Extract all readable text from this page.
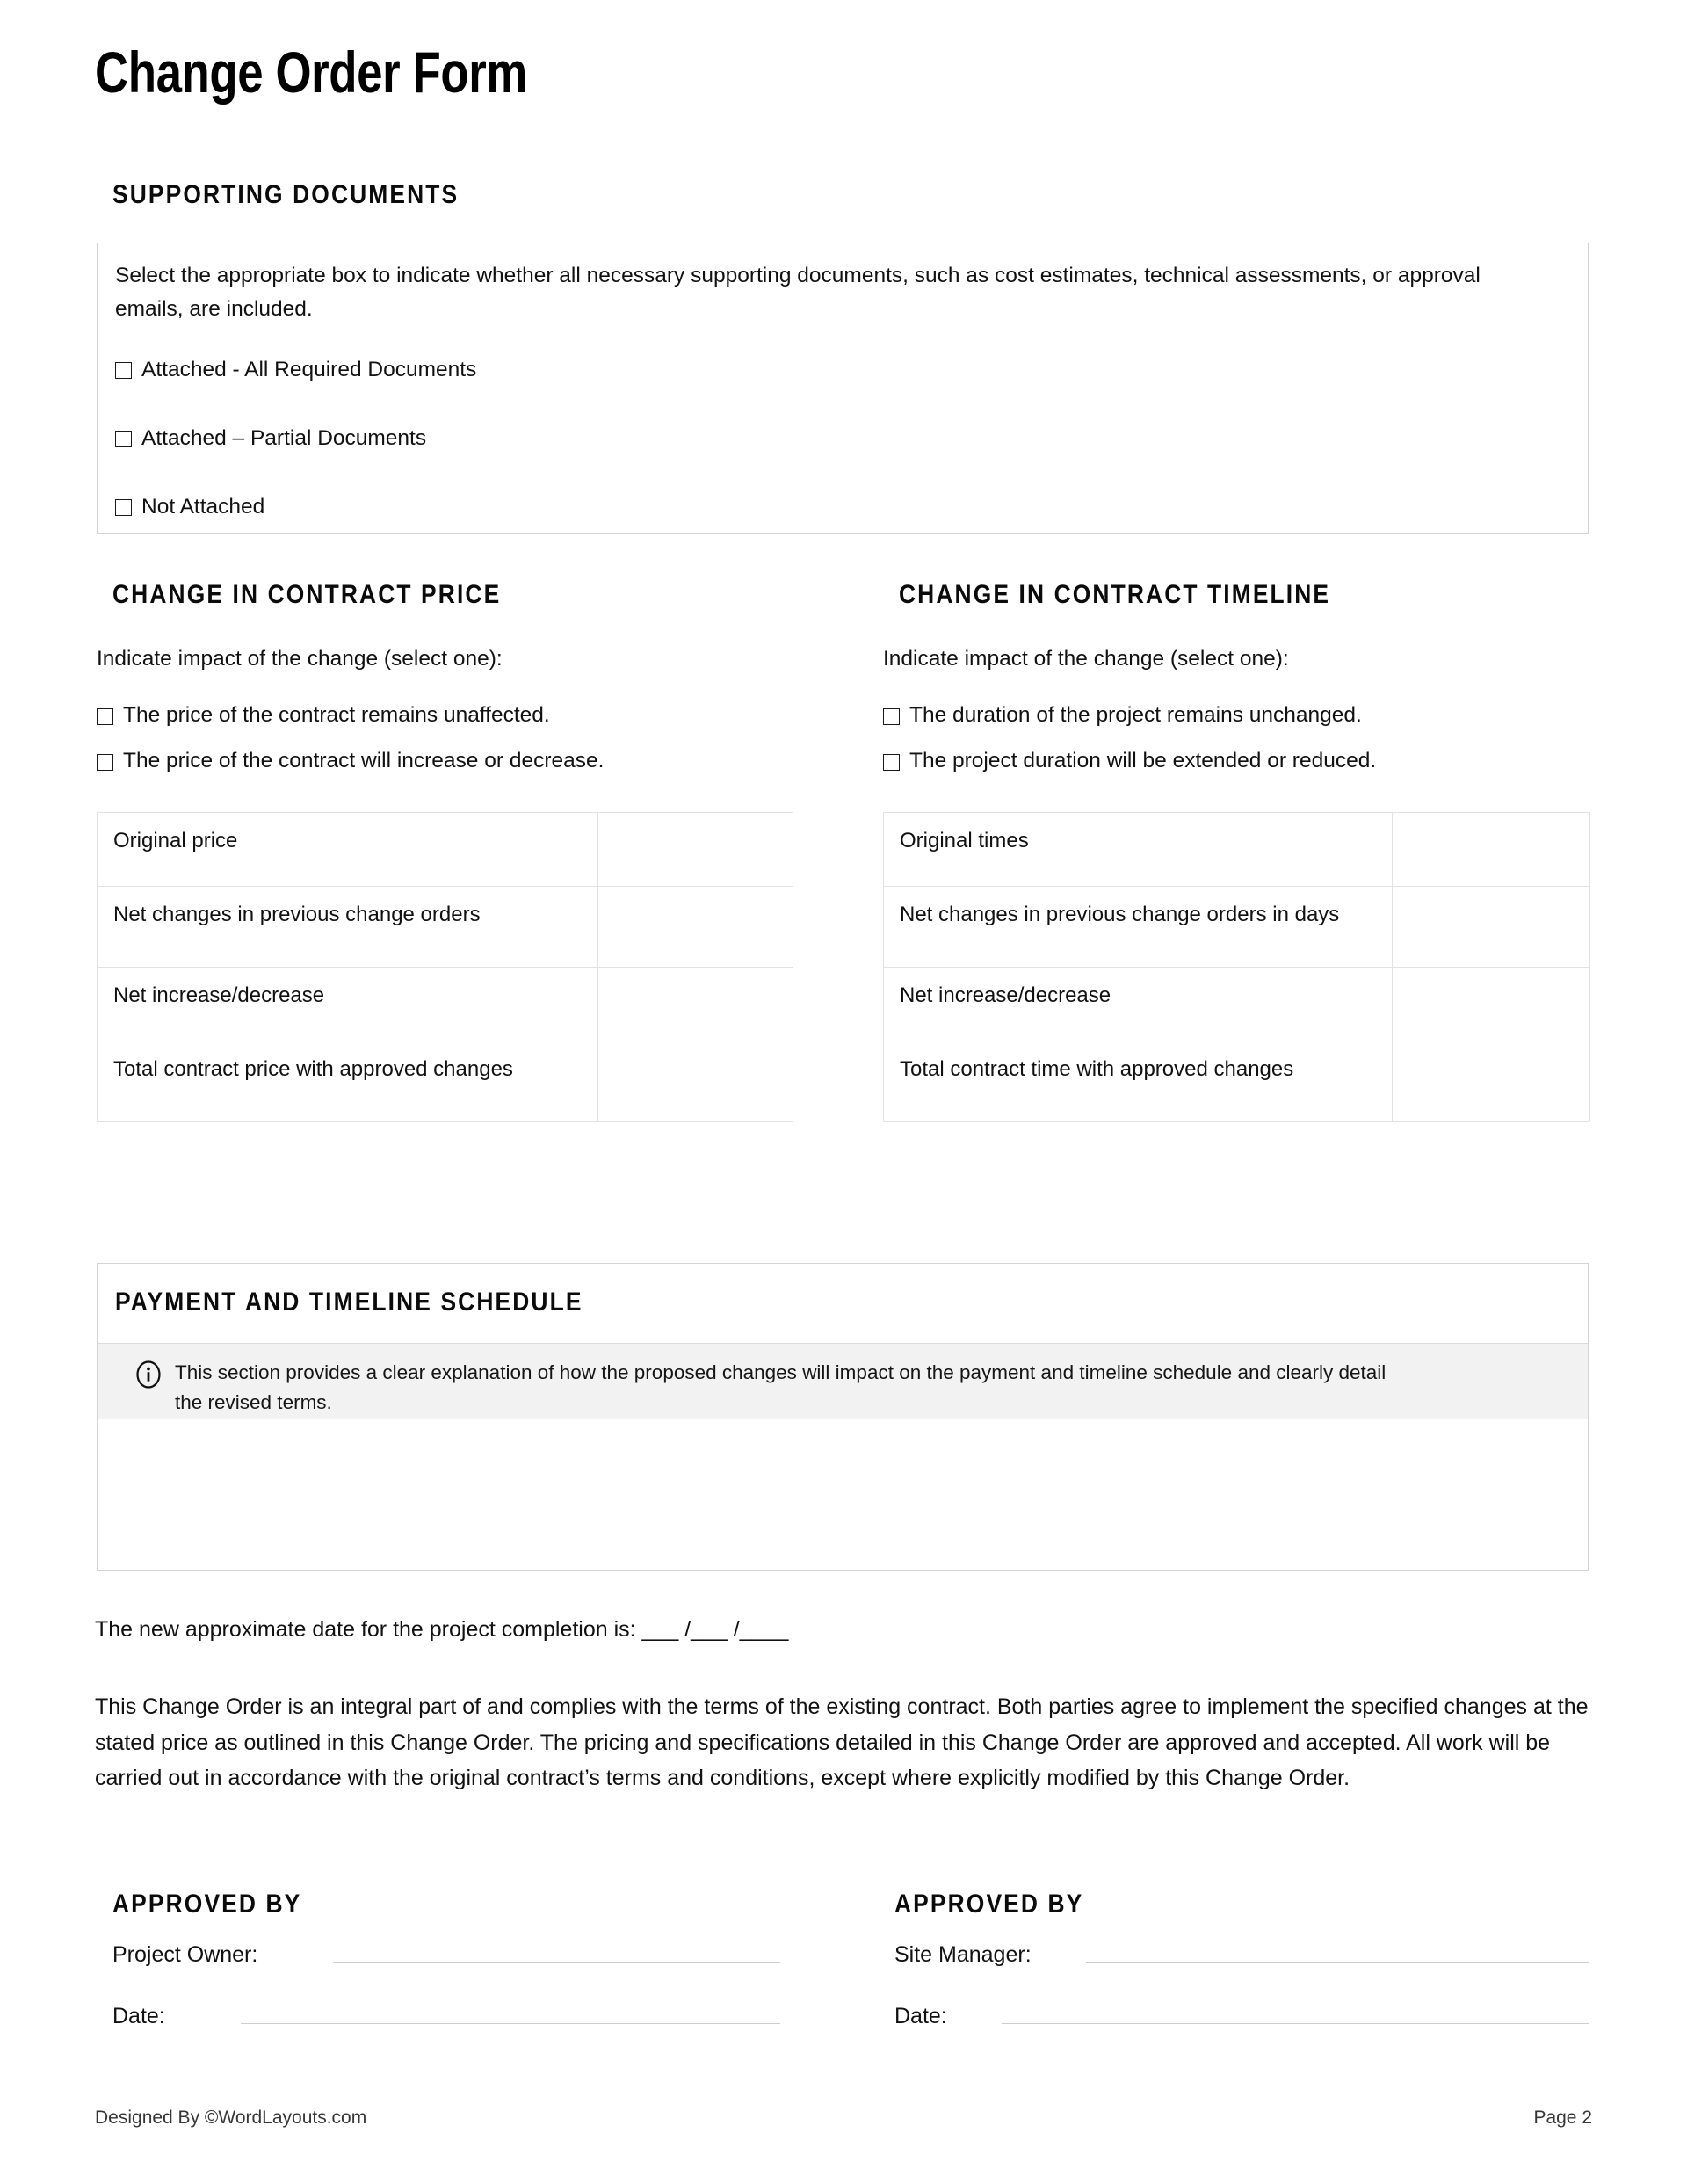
Change Order Form
SUPPORTING DOCUMENTS
Select the appropriate box to indicate whether all necessary supporting documents, such as cost estimates, technical assessments, or approval emails, are included.
Attached - All Required Documents
Attached – Partial Documents
Not Attached
CHANGE IN CONTRACT PRICE
Indicate impact of the change (select one):
The price of the contract remains unaffected.
The price of the contract will increase or decrease.
Original price	
Net changes in previous change orders	
Net increase/decrease	
Total contract price with approved changes	
CHANGE IN CONTRACT TIMELINE
Indicate impact of the change (select one):
The duration of the project remains unchanged.
The project duration will be extended or reduced.
Original times	
Net changes in previous change orders in days	
Net increase/decrease	
Total contract time with approved changes	
PAYMENT AND TIMELINE SCHEDULE
This section provides a clear explanation of how the proposed changes will impact on the payment and timeline schedule and clearly detail the revised terms.
The new approximate date for the project completion is: ___ /___ /____
This Change Order is an integral part of and complies with the terms of the existing contract. Both parties agree to implement the specified changes at the stated price as outlined in this Change Order. The pricing and specifications detailed in this Change Order are approved and accepted. All work will be carried out in accordance with the original contract’s terms and conditions, except where explicitly modified by this Change Order.
APPROVED BY
Project Owner:
Date:
APPROVED BY
Site Manager:
Date:
Designed By ©WordLayouts.com	Page 2
